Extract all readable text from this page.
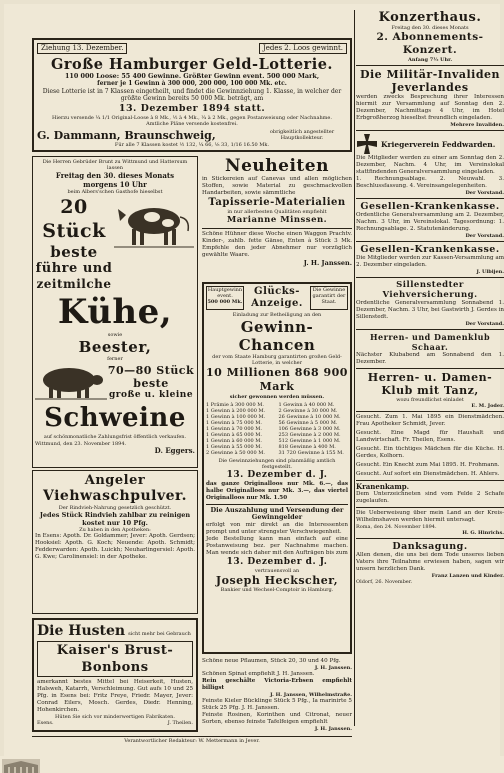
Ziehung 13. Dezember.	Jedes 2. Loos gewinnt.
Große Hamburger Geld-Lotterie.
110 000 Loose: 55 400 Gewinne. Größter Gewinn event. 500 000 Mark,
ferner je 1 Gewinn à 300 000, 200 000, 100 000 Mk. etc.
Diese Lotterie ist in 7 Klassen eingetheilt, und findet die Gewinnziehung 1. Klasse, in welcher der größte Gewinn bereits 50 000 Mk. beträgt, am
13. Dezember 1894 statt.
Hierzu versende ¼ 1/1 Original-Loose à 8 Mk., ½ à 4 Mk., ¼ à 2 Mk., gegen Postanweisung oder Nachnahme.
Amtliche Pläne versende kostenfrei.
G. Dammann, Braunschweig,	obrigkeitlich angestellter Hauptkollekteur.
Für alle 7 Klassen kostet ½ 132, ¼ 66, ⅛ 33, 1/16 16.50 Mk.
Die Herren Gebrüder Brunt zu Wittmund und Hattersum lassen
Freitag den 30. dieses Monats
morgens 10 Uhr
beim Albers'schen Gasthofe hieselbst
20 Stück
beste
führe und
zeitmilche
Kühe,
sowie
Beester,
ferner
70—80 Stück
beste
große u. kleine
Schweine
auf schönmonatliche Zahlungsfrist öffentlich verkaufen.
Wittmund, den 23. November 1894.
D. Eggers.
Angeler
Viehwaschpulver.
Der Rindvieh-Nahrung gesetzlich geschützt.
Jedes Stück Rindvieh zahlbar zu reinigen kostet nur 10 Pfg.
Zu haben in den Apotheken:
In Esens: Apoth. Dr. Goldammer; Jever: Apoth. Gerdsen; Hooksiel: Apoth. G. Koch; Neuende: Apoth. Schmidt; Fedderwarden: Apoth. Luickh; Neuharlingersiel: Apoth. G. Kwe; Carolinensiel: in der Apotheke.
Die Husten sicht mehr bei Gebrauch
Kaiser's Brust-Bonbons
amerkannt bestes Mittel bei Heiserkeit, Husten, Halsweh, Katarrh, Verschleimung. Gut aufs 10 und 25 Pfg. in Esens bei: Fritz Freye, Friedr. Mayer, Jever: Conrad Eilers, Mosch. Gerdes, Diedr. Henning, Hohenkirchen.
Hüten Sie sich vor minderwertigen Fabrikaten.
Esens.	J. Theilen.
Neuheiten
in Stickereien auf Canevas und allen möglichen Stoffen, sowie Material zu geschmackvollen Handarbeiten, sowie sämmtliche
Tapisserie-Materialien
in nur allerbesten Qualitäten empfiehlt
Marianne Minssen.
Schöne Hühner diese Woche einen Waggon Prachtv. Kinder-, zahlb. fette Gänse, Enten à Stück 3 Mk. Empfehle den jeder Abnehmer nur vorzüglich gewählte Waare.
J. H. Janssen.
Hauptgewinn event.
500 000 Mk.
Glücks-Anzeige.
Die Gewinne garantirt der Staat.
Einladung zur Betheiligung an den
Gewinn-Chancen
der vom Staate Hamburg garantirten großen Geld-Lotterie, in welcher
10 Millionen 868 900 Mark
sicher gewonnen werden müssen.
1 Prämie à 300 000 M.	1 Gewinn à 40 000 M.
1 Gewinn à 200 000 M.	2 Gewinne à 30 000 M.
1 Gewinn à 100 000 M.	26 Gewinne à 10 000 M.
1 Gewinn à 75 000 M.	56 Gewinne à 5 000 M.
1 Gewinn à 70 000 M.	106 Gewinne à 3 000 M.
1 Gewinn à 65 000 M.	253 Gewinne à 2 000 M.
1 Gewinn à 60 000 M.	512 Gewinne à 1 000 M.
1 Gewinn à 55 000 M.	818 Gewinne à 400 M.
2 Gewinne à 50 000 M.	31 720 Gewinne à 155 M.
Die Gewinnziehungen sind planmäßig amtlich festgestellt.
13. Dezember d. J.
das ganze Originalloos nur Mk. 6.—, das halbe Originalloos nur Mk. 3.—, das viertel Originalloos nur Mk. 1.50
Die Auszahlung und Versendung der Gewinngelder
erfolgt von mir direkt an die Interessenten prompt und unter strengster Verschwiegenheit.
Jede Bestellung kann man einfach auf eine Postanweisung bez. per Nachnahme machen. Man wende sich daher mit den Aufträgen bis zum
13. Dezember d. J.
vertrauensvoll an
Joseph Heckscher,
Bankier und Wechsel-Comptoir in Hamburg.
Schöne neue Pflaumen, Stück 20, 30 und 40 Pfg.
J. H. Janssen.
Schönen Spinat empfiehlt J. H. Janssen.
Rein geschälte Victoria-Erbsen empfiehlt billigst
J. H. Janssen, Wilhelmstraße.
Feinste Kieler Bücklinge Stück 5 Pfg., Ia marinirte 5 Stück 25 Pfg. J. H. Janssen.
Feinste Rosinen, Korinthen und Citronat, neuer Sorten, ebenso feinste Tafelfeigen empfiehlt
J. H. Janssen.
Verantwortlicher Redakteur: W. Mettermann in Jever.
Konzerthaus.
Freitag den 30. dieses Monats
2. Abonnements-Konzert.
Anfang 7½ Uhr.
Die Militär-Invaliden Jeverlandes
werden zwecks Besprechung ihrer Interessen hiermit zur Versammlung auf Sonntag den 2. Dezember, Nachmittags 4 Uhr, im Hotel Erbgroßherzog hieselbst freundlich eingeladen.
Mehrere Invaliden.
Kriegerverein Feddwarden.
Die Mitglieder werden zu einer am Sonntag den 2. Dezember, Nachm. 4 Uhr, im Vereinslokal stattfindenden Generalversammlung eingeladen.
1. Rechnungsablage. 2. Neuwahl. 3. Beschlussfassung. 4. Vereinsangelegenheiten.
Der Vorstand.
Gesellen-Krankenkasse.
Ordentliche Generalversammlung am 2. Dezember, Nachm. 3 Uhr, im Vereinslokal. Tagesordnung: 1. Rechnungsablage. 2. Statutenänderung.
Der Vorstand.
Gesellen-Krankenkasse.
Die Mitglieder werden zur Kassen-Versammlung am 2. Dezember eingeladen.
J. Ulbijen.
Sillenstedter Viehversicherung.
Ordentliche Generalversammlung Sonnabend 1. Dezember, Nachm. 3 Uhr, bei Gastwirth J. Gerdes in Sillenstedt.
Der Vorstand.
Herren- und Damenklub Schaar.
Nächster Klubabend am Sonnabend den 1. Dezember.
Herren- u. Damen-Klub mit Tanz,
wozu freundlichst einladet
E. M. Joder.
Gesucht. Zum 1. Mai 1895 ein Dienstmädchen. Frau Apotheker Schmidt, Jever.
Gesucht. Eine Magd für Haushalt und Landwirtschaft. Fr. Theilen, Esens.
Gesucht. Ein tüchtiges Mädchen für die Küche. H. Gerdes, Kolhorn.
Gesucht. Ein Knecht zum Mai 1895. H. Frohmann.
Gesucht. Auf sofort ein Dienstmädchen. H. Ahlers.
Kranenkamp.
Dem Unterzeichneten sind vom Felde 2 Schafe zugelaufen.
Die Ueberweisung über mein Land an der Kreis-Wilhelmshaven werden hiermit untersagt.
Roma, den 24. November 1894.
H. G. Hinrichs.
Danksagung.
Allen denen, die uns bei dem Tode unseres lieben Vaters ihre Teilnahme erwiesen haben, sagen wir unsern herzlichen Dank.
Franz Lanzen und Kinder.
Oldorf, 26. November.
